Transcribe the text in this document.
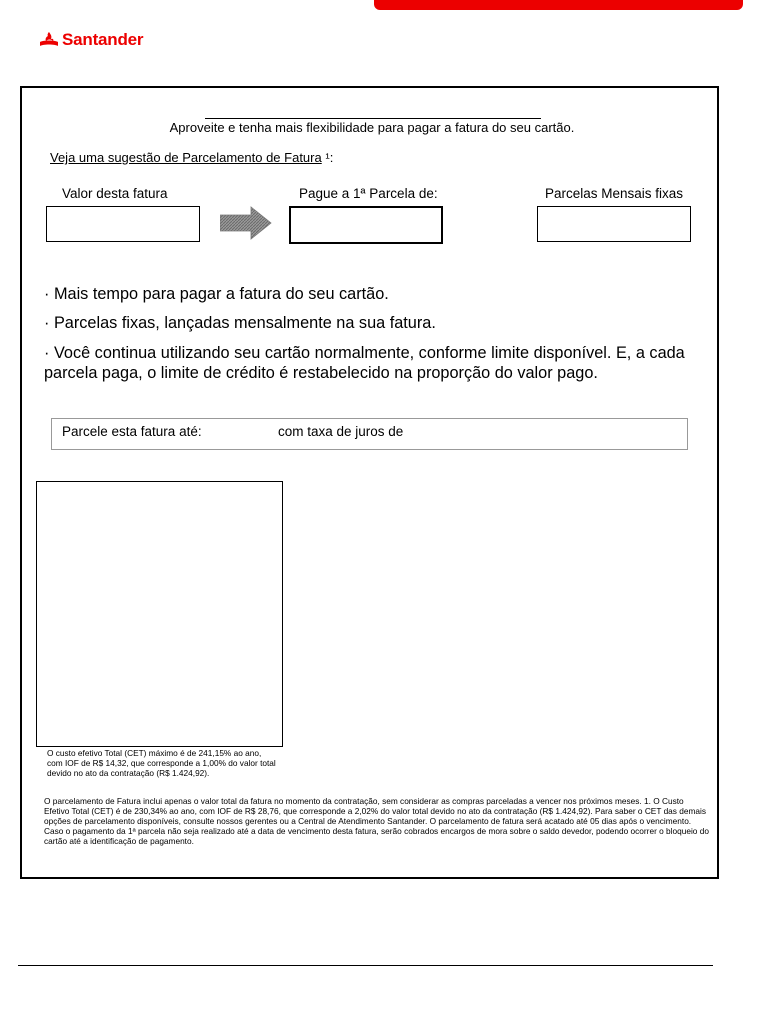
Santander
Aproveite e tenha mais flexibilidade para pagar a fatura do seu cartão.
Veja uma sugestão de Parcelamento de Fatura ¹:
Valor desta fatura	Pague a 1ª Parcela de:	Parcelas Mensais fixas
· Mais tempo para pagar a fatura do seu cartão.
· Parcelas fixas, lançadas mensalmente na sua fatura.
· Você continua utilizando seu cartão normalmente, conforme limite disponível. E, a cada parcela paga, o limite de crédito é restabelecido na proporção do valor pago.
Parcele esta fatura até:	com taxa de juros de
O custo efetivo Total (CET) máximo é de 241,15% ao ano, com IOF de R$ 14,32, que corresponde a 1,00% do valor total devido no ato da contratação (R$ 1.424,92).
O parcelamento de Fatura inclui apenas o valor total da fatura no momento da contratação, sem considerar as compras parceladas a vencer nos próximos meses. 1. O Custo Efetivo Total (CET) é de 230,34% ao ano, com IOF de R$ 28,76, que corresponde a 2,02% do valor total devido no ato da contratação (R$ 1.424,92). Para saber o CET das demais opções de parcelamento disponíveis, consulte nossos gerentes ou a Central de Atendimento Santander. O parcelamento de fatura será acatado até 05 dias após o vencimento. Caso o pagamento da 1ª parcela não seja realizado até a data de vencimento desta fatura, serão cobrados encargos de mora sobre o saldo devedor, podendo ocorrer o bloqueio do cartão até a identificação de pagamento.
